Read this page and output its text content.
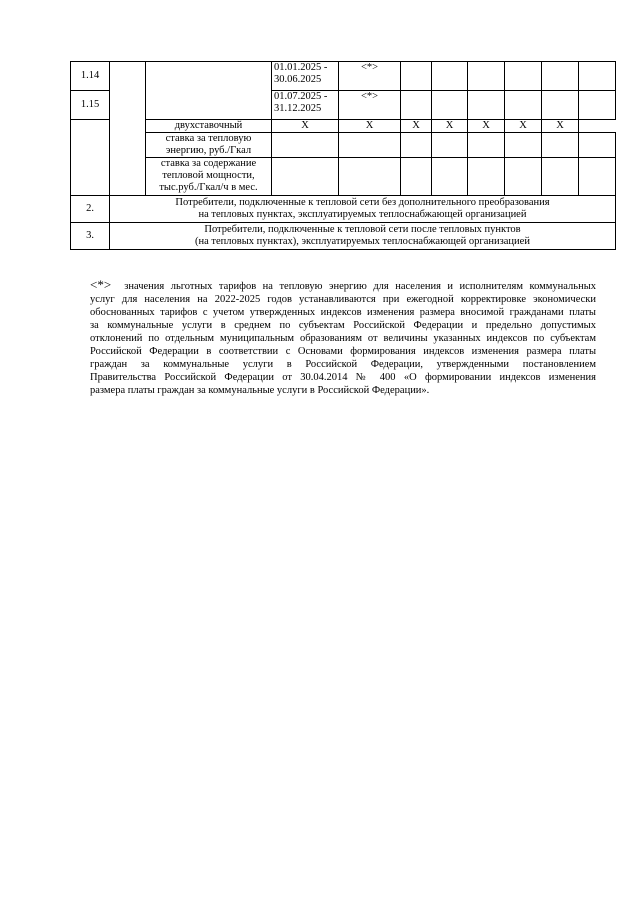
1.14			01.01.2025 -
30.06.2025	<*>						
1.15			01.07.2025 -
31.12.2025	<*>						
		двухставочный	X	X	X	X	X	X	X	
		ставка за тепловую энергию, руб./Гкал								
		ставка за содержание тепловой мощности, тыс.руб./Гкал/ч в мес.								
2.	Потребители, подключенные к тепловой сети без дополнительного преобразования
на тепловых пунктах, эксплуатируемых теплоснабжающей организацией									

3.	Потребители, подключенные к тепловой сети после тепловых пунктов
(на тепловых пунктах), эксплуатируемых теплоснабжающей организацией									
<*> значения льготных тарифов на тепловую энергию для населения и исполнителям коммунальных
услуг для населения на 2022-2025 годов устанавливаются при ежегодной корректировке экономически
обоснованных тарифов с учетом утвержденных индексов изменения размера вносимой гражданами платы
за коммунальные услуги в среднем по субъектам Российской Федерации и предельно допустимых
отклонений по отдельным муниципальным образованиям от величины указанных индексов по субъектам
Российской Федерации в соответствии с Основами формирования индексов изменения размера платы
граждан за коммунальные услуги в Российской Федерации, утвержденными постановлением
Правительства Российской Федерации от 30.04.2014 № 400 «О формировании индексов изменения
размера платы граждан за коммунальные услуги в Российской Федерации».
